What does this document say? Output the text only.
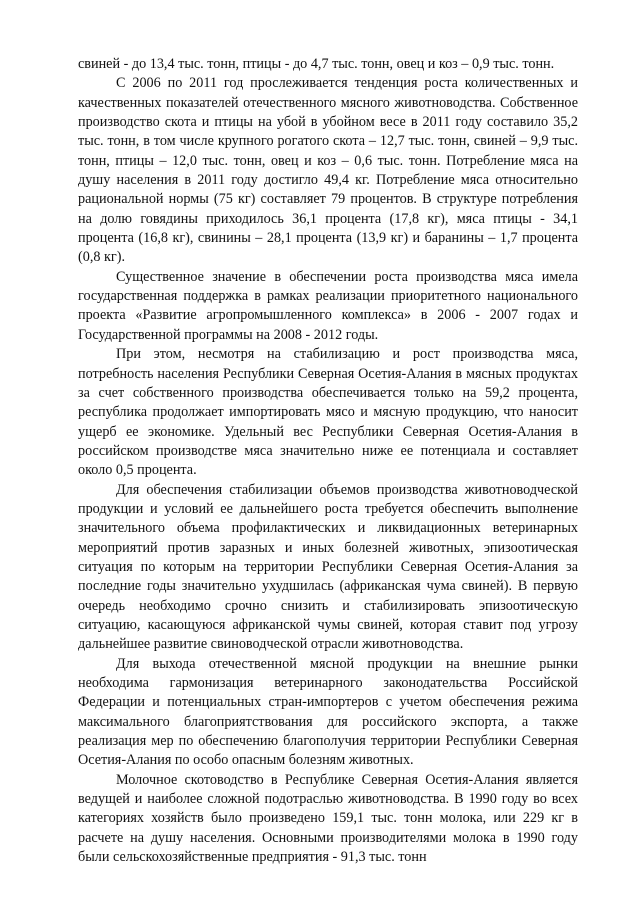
свиней - до 13,4 тыс. тонн, птицы - до 4,7 тыс. тонн, овец и коз – 0,9 тыс. тонн.

С 2006 по 2011 год прослеживается тенденция роста количественных и качественных показателей отечественного мясного животноводства. Собственное производство скота и птицы на убой в убойном весе в 2011 году составило 35,2 тыс. тонн, в том числе крупного рогатого скота – 12,7 тыс. тонн, свиней – 9,9 тыс. тонн, птицы – 12,0 тыс. тонн, овец и коз – 0,6 тыс. тонн. Потребление мяса на душу населения в 2011 году достигло 49,4 кг. Потребление мяса относительно рациональной нормы (75 кг) составляет 79 процентов. В структуре потребления на долю говядины приходилось 36,1 процента (17,8 кг), мяса птицы - 34,1 процента (16,8 кг), свинины – 28,1 процента (13,9 кг) и баранины – 1,7 процента (0,8 кг).

Существенное значение в обеспечении роста производства мяса имела государственная поддержка в рамках реализации приоритетного национального проекта «Развитие агропромышленного комплекса» в 2006 - 2007 годах и Государственной программы на 2008 - 2012 годы.

При этом, несмотря на стабилизацию и рост производства мяса, потребность населения Республики Северная Осетия-Алания в мясных продуктах за счет собственного производства обеспечивается только на 59,2 процента, республика продолжает импортировать мясо и мясную продукцию, что наносит ущерб ее экономике. Удельный вес Республики Северная Осетия-Алания в российском производстве мяса значительно ниже ее потенциала и составляет около 0,5 процента.

Для обеспечения стабилизации объемов производства животноводческой продукции и условий ее дальнейшего роста требуется обеспечить выполнение значительного объема профилактических и ликвидационных ветеринарных мероприятий против заразных и иных болезней животных, эпизоотическая ситуация по которым на территории Республики Северная Осетия-Алания за последние годы значительно ухудшилась (африканская чума свиней). В первую очередь необходимо срочно снизить и стабилизировать эпизоотическую ситуацию, касающуюся африканской чумы свиней, которая ставит под угрозу дальнейшее развитие свиноводческой отрасли животноводства.

Для выхода отечественной мясной продукции на внешние рынки необходима гармонизация ветеринарного законодательства Российской Федерации и потенциальных стран-импортеров с учетом обеспечения режима максимального благоприятствования для российского экспорта, а также реализация мер по обеспечению благополучия территории Республики Северная Осетия-Алания по особо опасным болезням животных.

Молочное скотоводство в Республике Северная Осетия-Алания является ведущей и наиболее сложной подотраслью животноводства. В 1990 году во всех категориях хозяйств было произведено 159,1 тыс. тонн молока, или 229 кг в расчете на душу населения. Основными производителями молока в 1990 году были сельскохозяйственные предприятия - 91,3 тыс. тонн
